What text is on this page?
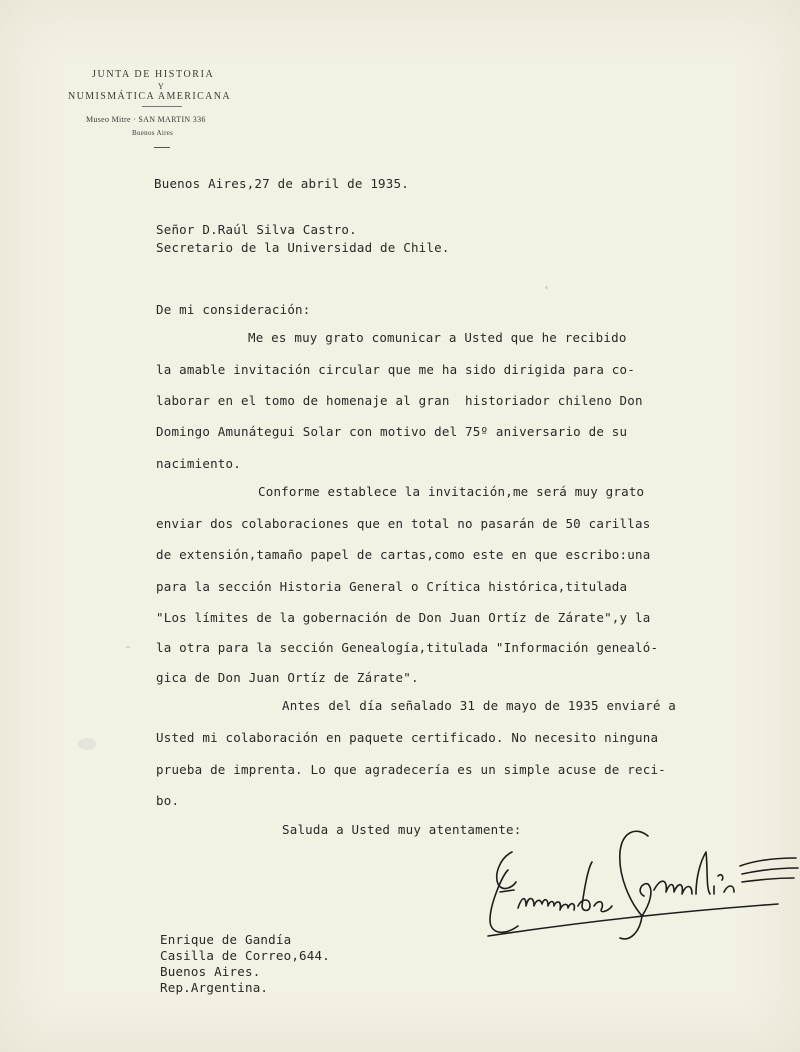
JUNTA DE HISTORIA
Y
NUMISMÁTICA AMERICANA
Museo Mitre · SAN MARTIN 336
Buenos Aires
Buenos Aires,27 de abril de 1935.
Señor D.Raúl Silva Castro.
Secretario de la Universidad de Chile.
De mi consideración:
Me es muy grato comunicar a Usted que he recibido
la amable invitación circular que me ha sido dirigida para co-
laborar en el tomo de homenaje al gran  historiador chileno Don
Domingo Amunátegui Solar con motivo del 75º aniversario de su
nacimiento.
Conforme establece la invitación,me será muy grato
enviar dos colaboraciones que en total no pasarán de 50 carillas
de extensión,tamaño papel de cartas,como este en que escribo:una
para la sección Historia General o Crítica histórica,titulada
"Los límites de la gobernación de Don Juan Ortíz de Zárate",y la
la otra para la sección Genealogía,titulada "Información genealó-
gica de Don Juan Ortíz de Zárate".
Antes del día señalado 31 de mayo de 1935 enviaré a
Usted mi colaboración en paquete certificado. No necesito ninguna
prueba de imprenta. Lo que agradecería es un simple acuse de reci-
bo.
Saluda a Usted muy atentamente:
Enrique de Gandía
Casilla de Correo,644.
Buenos Aires.
Rep.Argentina.
